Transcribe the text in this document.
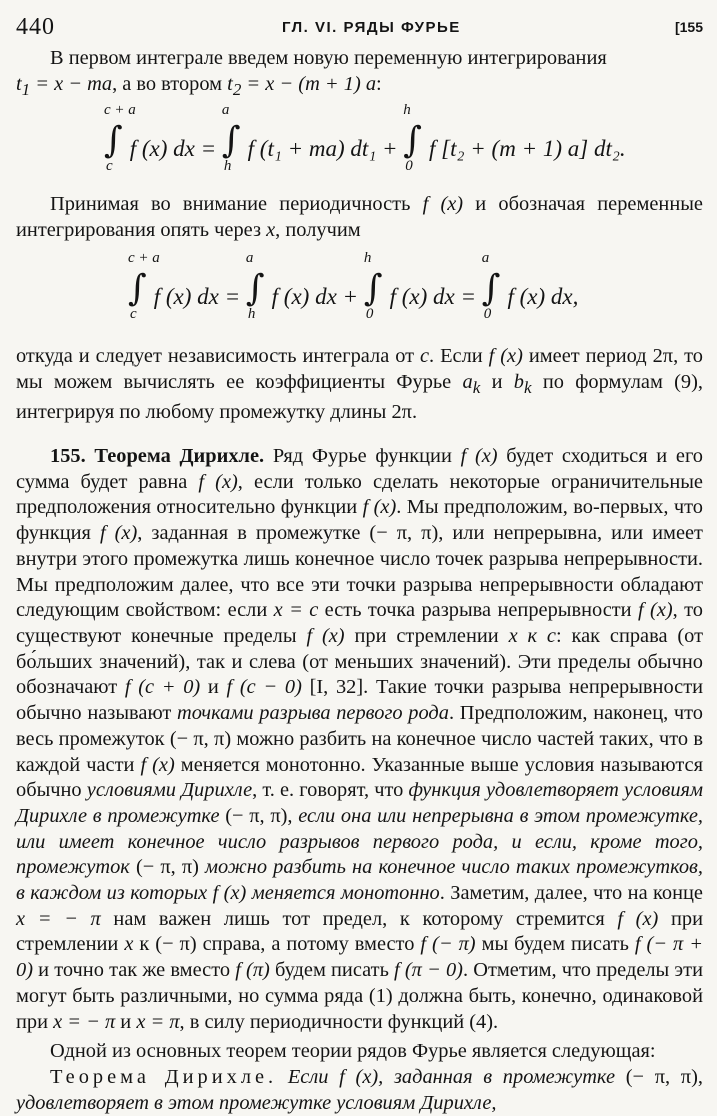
440	ГЛ. VI. РЯДЫ ФУРЬЕ	[155

В первом интеграле введем новую переменную интегрирования
$t_1 = x$ − ma, а во втором $t_2 = x - (m + 1)$ a:

∫
c + a
c
f (x) dx = ∫
a
h
f (t₁ + ma) dt₁ + ∫
h
0
f [t₂ + (m + 1) a] dt₂.

Принимая во внимание периодичность f (x) и обозначая переменные интегрирования опять через x, получим

∫
c + a
c
f (x) dx = ∫
a
h
f (x) dx + ∫
h
0
f (x) dx = ∫
a
0
f (x) dx,

откуда и следует независимость интеграла от c. Если f (x) имеет период 2π, то мы можем вычислять ее коэффициенты Фурье $a_k$ и $b_k$ по формулам (9), интегрируя по любому промежутку длины 2π.

155. Теорема Дирихле. Ряд Фурье функции f (x) будет сходиться и его сумма будет равна f (x), если только сделать некоторые ограничительные предположения относительно функции f (x). Мы предположим, во-первых, что функция f (x), заданная в промежутке (− π, π), или непрерывна, или имеет внутри этого промежутка лишь конечное число точек разрыва непрерывности. Мы предположим далее, что все эти точки разрыва непрерывности обладают следующим свойством: если x = c есть точка разрыва непрерывности f (x), то существуют конечные пределы f (x) при стремлении x к c: как справа (от бо́льших значений), так и слева (от меньших значений). Эти пределы обычно обозначают f (c + 0) и f (c − 0) [I, 32]. Такие точки разрыва непрерывности обычно называют точками разрыва первого рода. Предположим, наконец, что весь промежуток (− π, π) можно разбить на конечное число частей таких, что в каждой части f (x) меняется монотонно. Указанные выше условия называются обычно условиями Дирихле, т. е. говорят, что функция удовлетворяет условиям Дирихле в промежутке (− π, π), если она или непрерывна в этом промежутке, или имеет конечное число разрывов первого рода, и если, кроме того, промежуток (− π, π) можно разбить на конечное число таких промежутков, в каждом из которых f (x) меняется монотонно. Заметим, далее, что на конце x = − π нам важен лишь тот предел, к которому стремится f (x) при стремлении x к (− π) справа, а потому вместо f (− π) мы будем писать f (− π + 0) и точно так же вместо f (π) будем писать f (π − 0). Отметим, что пределы эти могут быть различными, но сумма ряда (1) должна быть, конечно, одинаковой при x = − π и x = π, в силу периодичности функций (4).

Одной из основных теорем теории рядов Фурье является следующая:

Теорема Дирихле. Если f (x), заданная в промежутке (− π, π), удовлетворяет в этом промежутке условиям Дирихле,
